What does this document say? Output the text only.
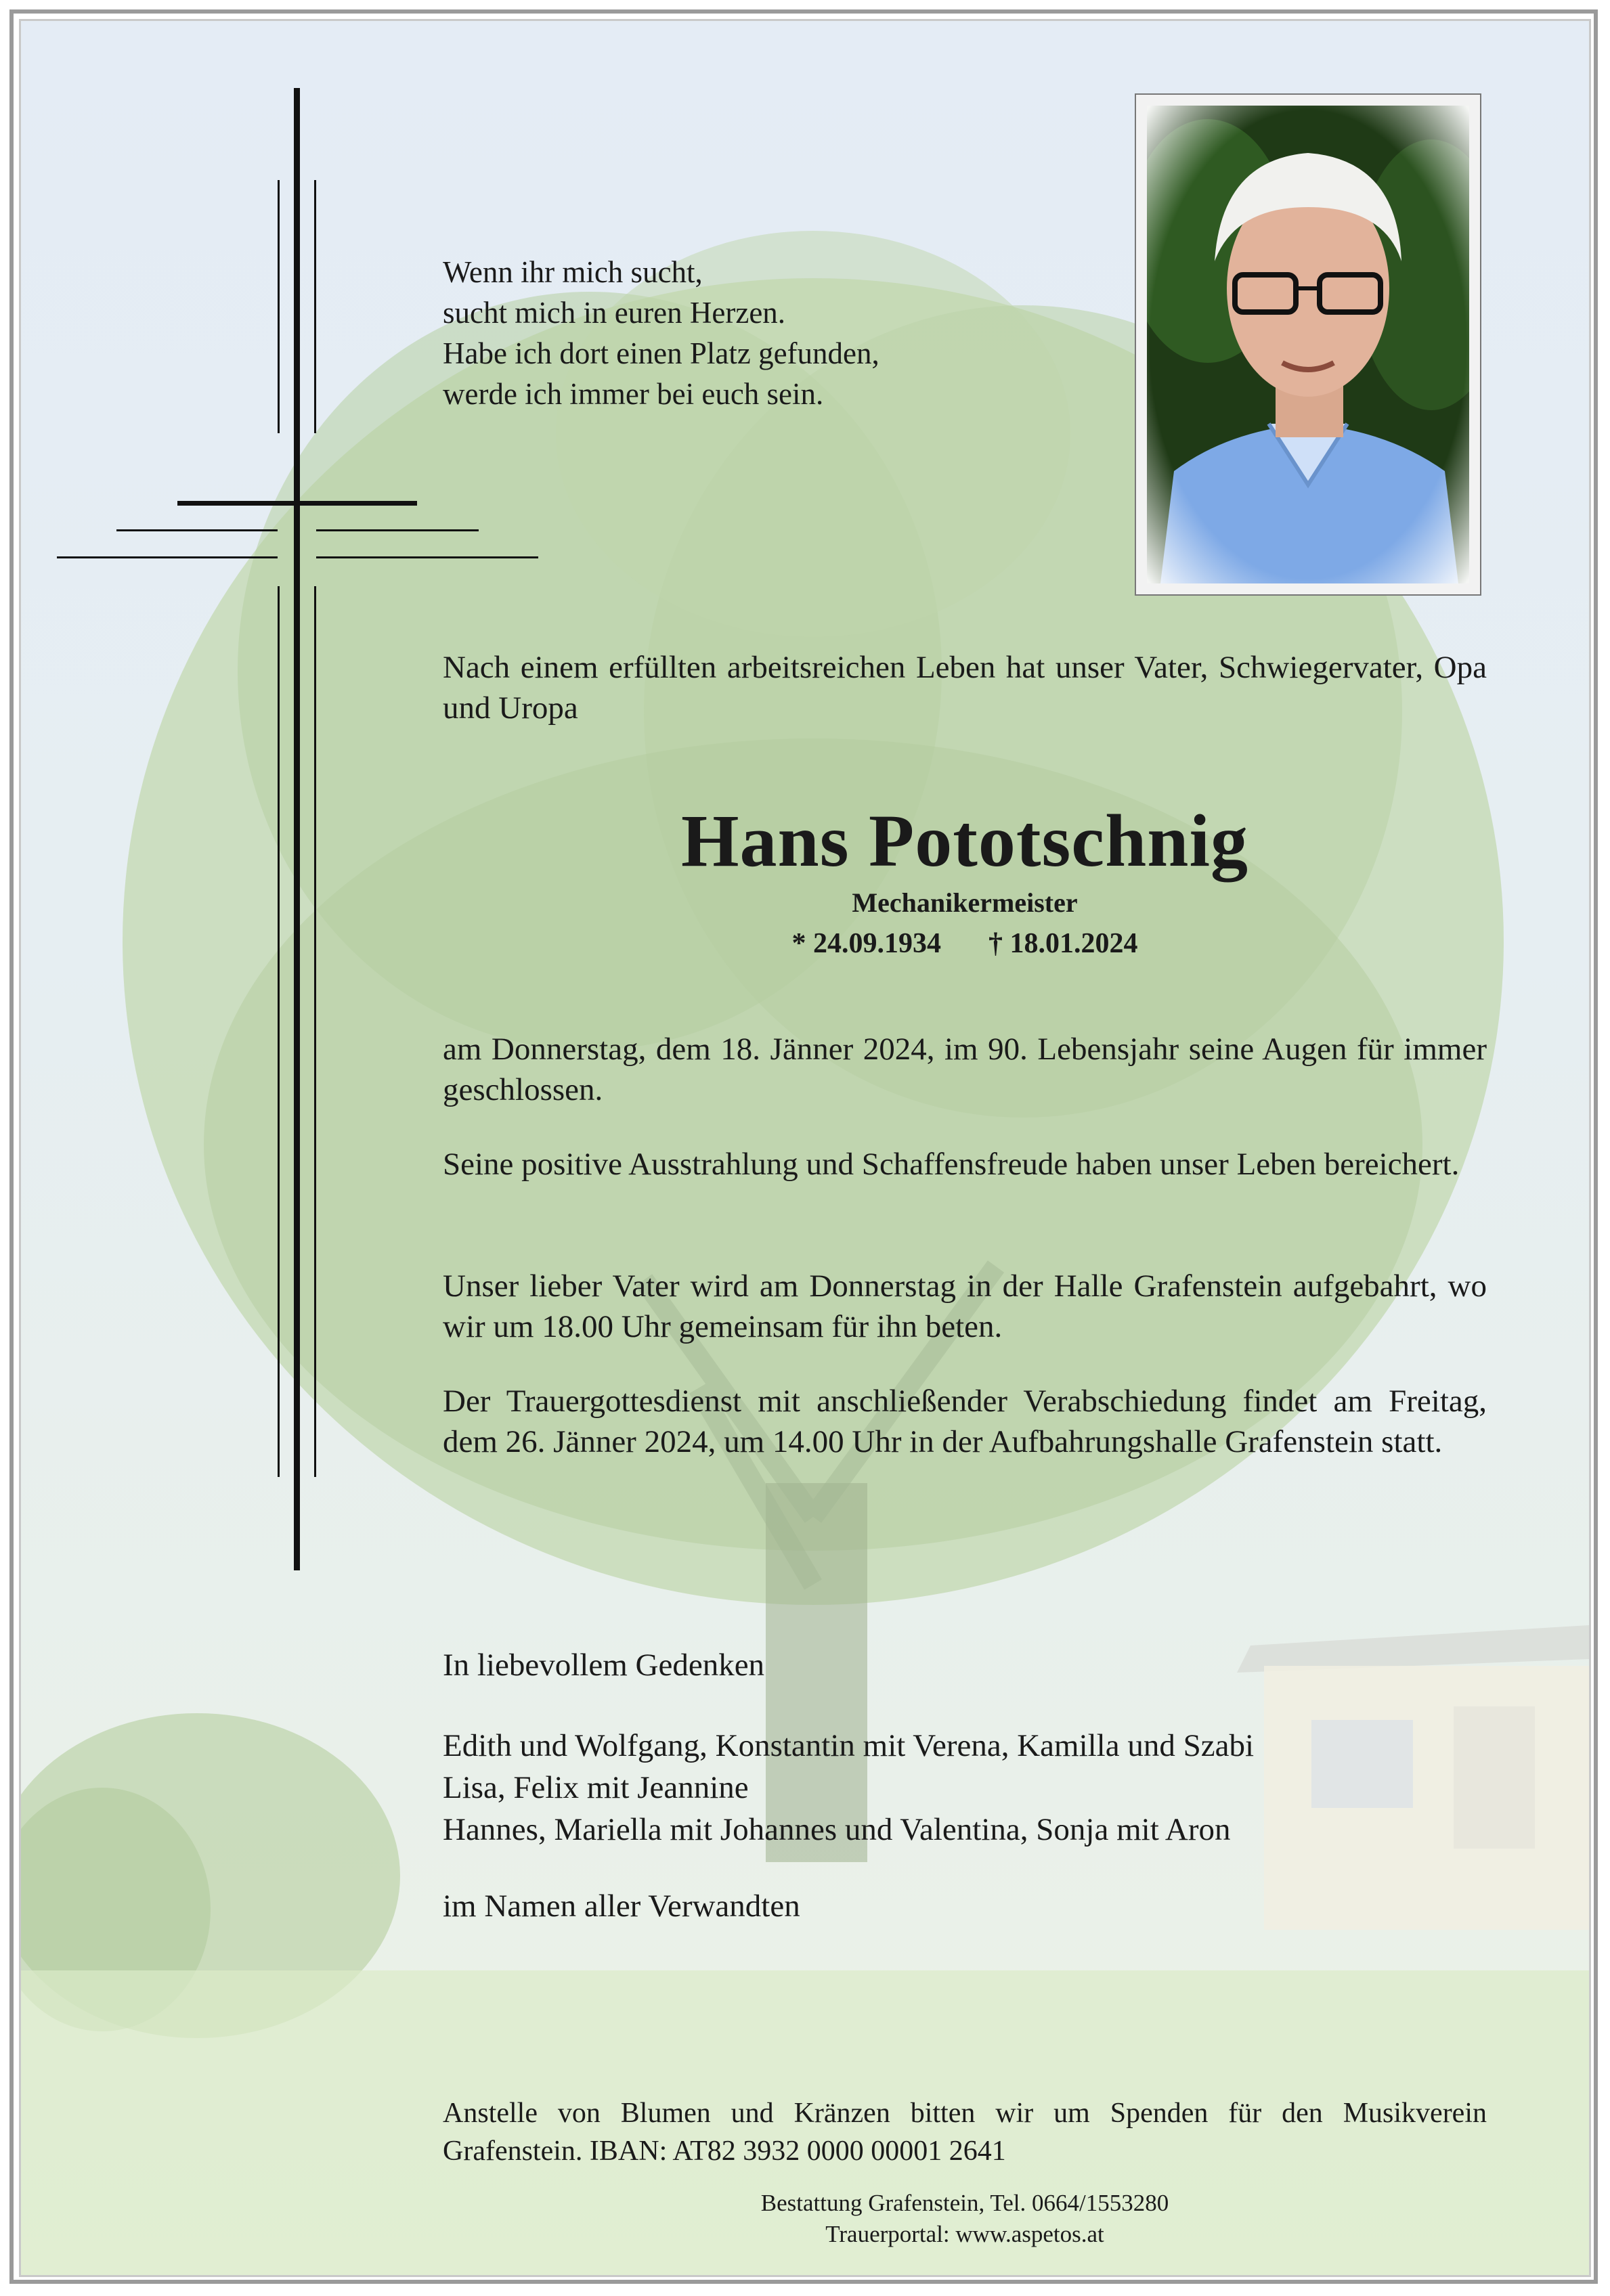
Wenn ihr mich sucht,
sucht mich in euren Herzen.
Habe ich dort einen Platz gefunden,
werde ich immer bei euch sein.
Nach einem erfüllten arbeitsreichen Leben hat unser Vater, Schwiegervater, Opa und Uropa
Hans Pototschnig
Mechanikermeister
* 24.09.1934 † 18.01.2024
am Donnerstag, dem 18. Jänner 2024, im 90. Lebensjahr seine Augen für immer geschlossen.
Seine positive Ausstrahlung und Schaffensfreude haben unser Leben bereichert.
Unser lieber Vater wird am Donnerstag in der Halle Grafenstein aufgebahrt, wo wir um 18.00 Uhr gemeinsam für ihn beten.
Der Trauergottesdienst mit anschließender Verabschiedung findet am Freitag, dem 26. Jänner 2024, um 14.00 Uhr in der Aufbahrungshalle Grafenstein statt.
In liebevollem Gedenken
Edith und Wolfgang, Konstantin mit Verena, Kamilla und Szabi
Lisa, Felix mit Jeannine
Hannes, Mariella mit Johannes und Valentina, Sonja mit Aron
im Namen aller Verwandten
Anstelle von Blumen und Kränzen bitten wir um Spenden für den Musikverein Grafenstein. IBAN: AT82 3932 0000 00001 2641
Bestattung Grafenstein, Tel. 0664/1553280
Trauerportal: www.aspetos.at
